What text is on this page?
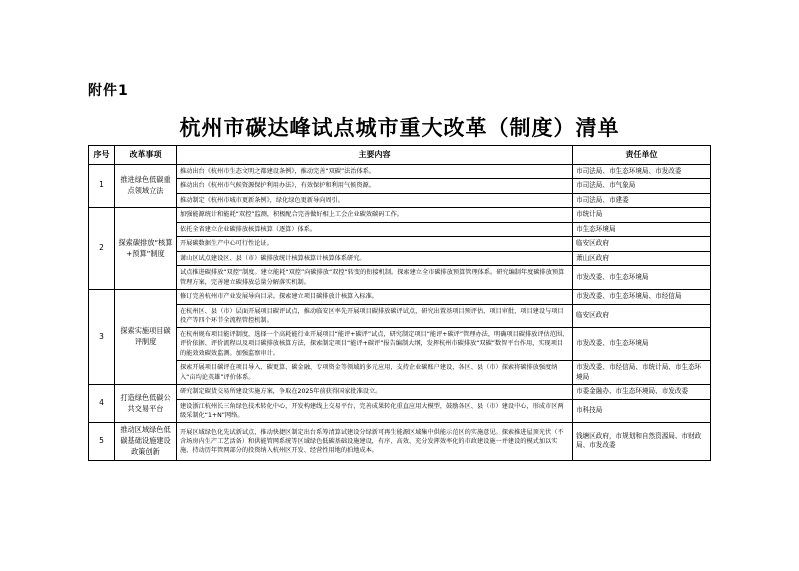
附件1
杭州市碳达峰试点城市重大改革（制度）清单
序号	改革事项	主要内容	责任单位
1	推进绿色低碳重点领域立法	推动出台《杭州市生态文明之都建设条例》，推动完善“双碳”法治体系。	市司法局、市生态环境局、市发改委
		推动出台《杭州市气候资源保护利用办法》，有效保护和利用气候资源。	市司法局、市气象局
		推动制定《杭州市城市更新条例》，绿化绿色更新导向周引。	市司法局、市建委
2	探索碳排放“核算+预算”制度	加强能源统计和能耗“双控”监测，积极配合完善做好相上工会企业碳效碳码工作。	市统计局
		依托全省建立企业碳排放核算核算（逐算）体系。	市生态环境局
		开展碳数据生产中心可行性论证。	临安区政府
		萧山区试点建设区、县（市）碳排放统计核算核算计核算体系研究。	萧山区政府
		试点推进碳排放“双控”制度。建立能耗“双控”向碳排放“双控”转变的衔接机制。探索建立全市碳排放预算管理体系。研究编制年度碳排放预算管理方案，完善建立碳排放总量分解落实机制。	市发改委、市生态环境局
3	探索实施项目碳评制度	修订完善杭州市产业发展导向目录。探索建立项目碳排放计核算入标准。	市发改委、市生态环境局、市经信局
		在杭州区、县（市）层面开展项目碳评试点，推动临安区率先开展项目碳排放碳评试点，研究出置基项目预评估、项目审批、项目建设与项目投产等四个环节全流程管控机制。	临安区政府
		在杭州规布项目能评制度，选择一个高耗能行业开展项目“能评+碳评”试点，研究制定项目“能评+碳评”管理办法，明确项目碳排放评估范围、评价依据、评价流程以及项目碳排放核算方法，探索制定项目“能评+碳评”报告编制大纲，发挥杭州市碳排放“双碳”数智平台作用，实现项目的能效效碳效监测。加强监察审计。	市发改委、市生态环境局
		探索开展项目碳评在项目导入、碳更算、碳金融、专项资金等领域的多元应用，支持企业碳账户建设，各区、县（市）探索将碳排放强度纳入“亩均论英雄”评价体系。	市发改委、市经信局、市统计局、市生态环境局
4	打造绿色低碳公共交易平台	研究制定碳货交易所建设实施方案，争取在2025年前获得国家批准设立。	市委金融办、市生态环境局、市发改委
		建设浙江杭州长三角绿色技术转化中心，开发构建线上交易平台，完善成果转化重直应用大模型，鼓励各区、县（市）建设中心，形成市区两级采制化“1+N”网络。	市科技局
5	推动区域绿色低碳基础设施建设政策创新	开展区域绿色化先试新试点，推动快捷区制定出台系筹清算试建设分绿新可再生能源区域集中供能示范区的实施意见。探索推进屋顶光伏（不含场房内生产工艺活备）和供能管网系统等区域绿色低碳基础设施建设，有序、高效、充分发挥效率化的市政建设施一并建设的模式加以实施，持动历年管网部分的投资纳入杭州区开发、经营性用地的拍地成本。	钱塘区政府，市规划和自然资源局、市财政局、市发改委
